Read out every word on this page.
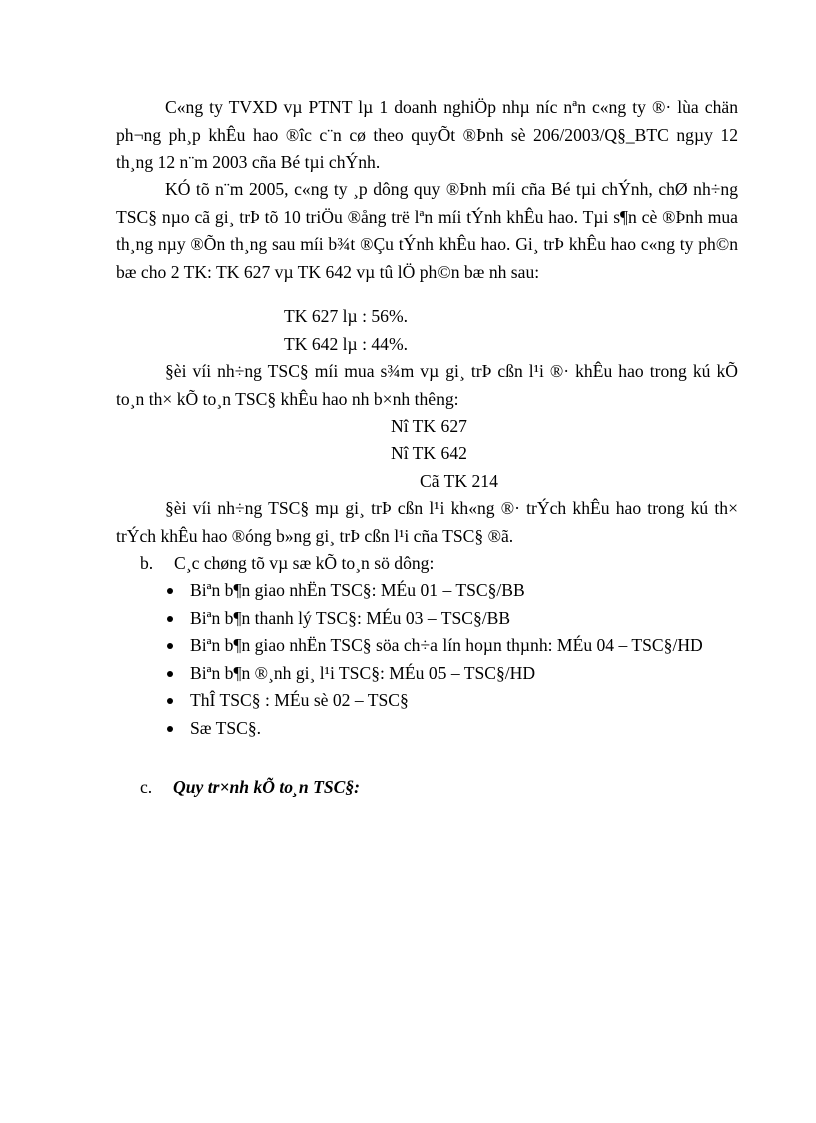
C«ng ty TVXD vµ PTNT lµ 1 doanh nghiÖp nhµ níc nªn c«ng ty ®· lùa chän ph¬ng ph¸p khÊu hao ®îc c¨n cø theo quyÕt ®Þnh sè 206/2003/Q§_BTC ngµy 12 th¸ng 12 n¨m 2003 cña Bé tµi chÝnh.

KÓ tõ n¨m 2005, c«ng ty ¸p dông quy ®Þnh míi cña Bé tµi chÝnh, chØ nh÷ng TSC§ nµo cã gi¸ trÞ tõ 10 triÖu ®ång trë lªn míi tÝnh khÊu hao. Tµi s¶n cè ®Þnh mua th¸ng nµy ®Õn th¸ng sau míi b¾t ®Çu tÝnh khÊu hao. Gi¸ trÞ khÊu hao c«ng ty ph©n bæ cho 2 TK: TK 627 vµ TK 642 vµ tû lÖ ph©n bæ nh sau:

TK 627 lµ : 56%.

TK 642 lµ : 44%.

§èi víi nh÷ng TSC§ míi mua s¾m vµ gi¸ trÞ cßn l¹i ®· khÊu hao trong kú kÕ to¸n th× kÕ to¸n TSC§ khÊu hao nh b×nh thêng:

Nî TK 627

Nî TK 642

Cã TK 214

§èi víi nh÷ng TSC§ mµ gi¸ trÞ cßn l¹i kh«ng ®· trÝch khÊu hao trong kú th× trÝch khÊu hao ®óng b»ng gi¸ trÞ cßn l¹i cña TSC§ ®ã.

b. C¸c chøng tõ vµ sæ kÕ to¸n sö dông:
Biªn b¶n giao nhËn TSC§: MÉu 01 – TSC§/BB
Biªn b¶n thanh lý TSC§: MÉu 03 – TSC§/BB
Biªn b¶n giao nhËn TSC§ söa ch÷a lín hoµn thµnh: MÉu 04 – TSC§/HD
Biªn b¶n ®¸nh gi¸ l¹i TSC§: MÉu 05 – TSC§/HD
ThÎ TSC§ : MÉu sè 02 – TSC§
Sæ TSC§.
c. Quy tr×nh kÕ to¸n TSC§:
